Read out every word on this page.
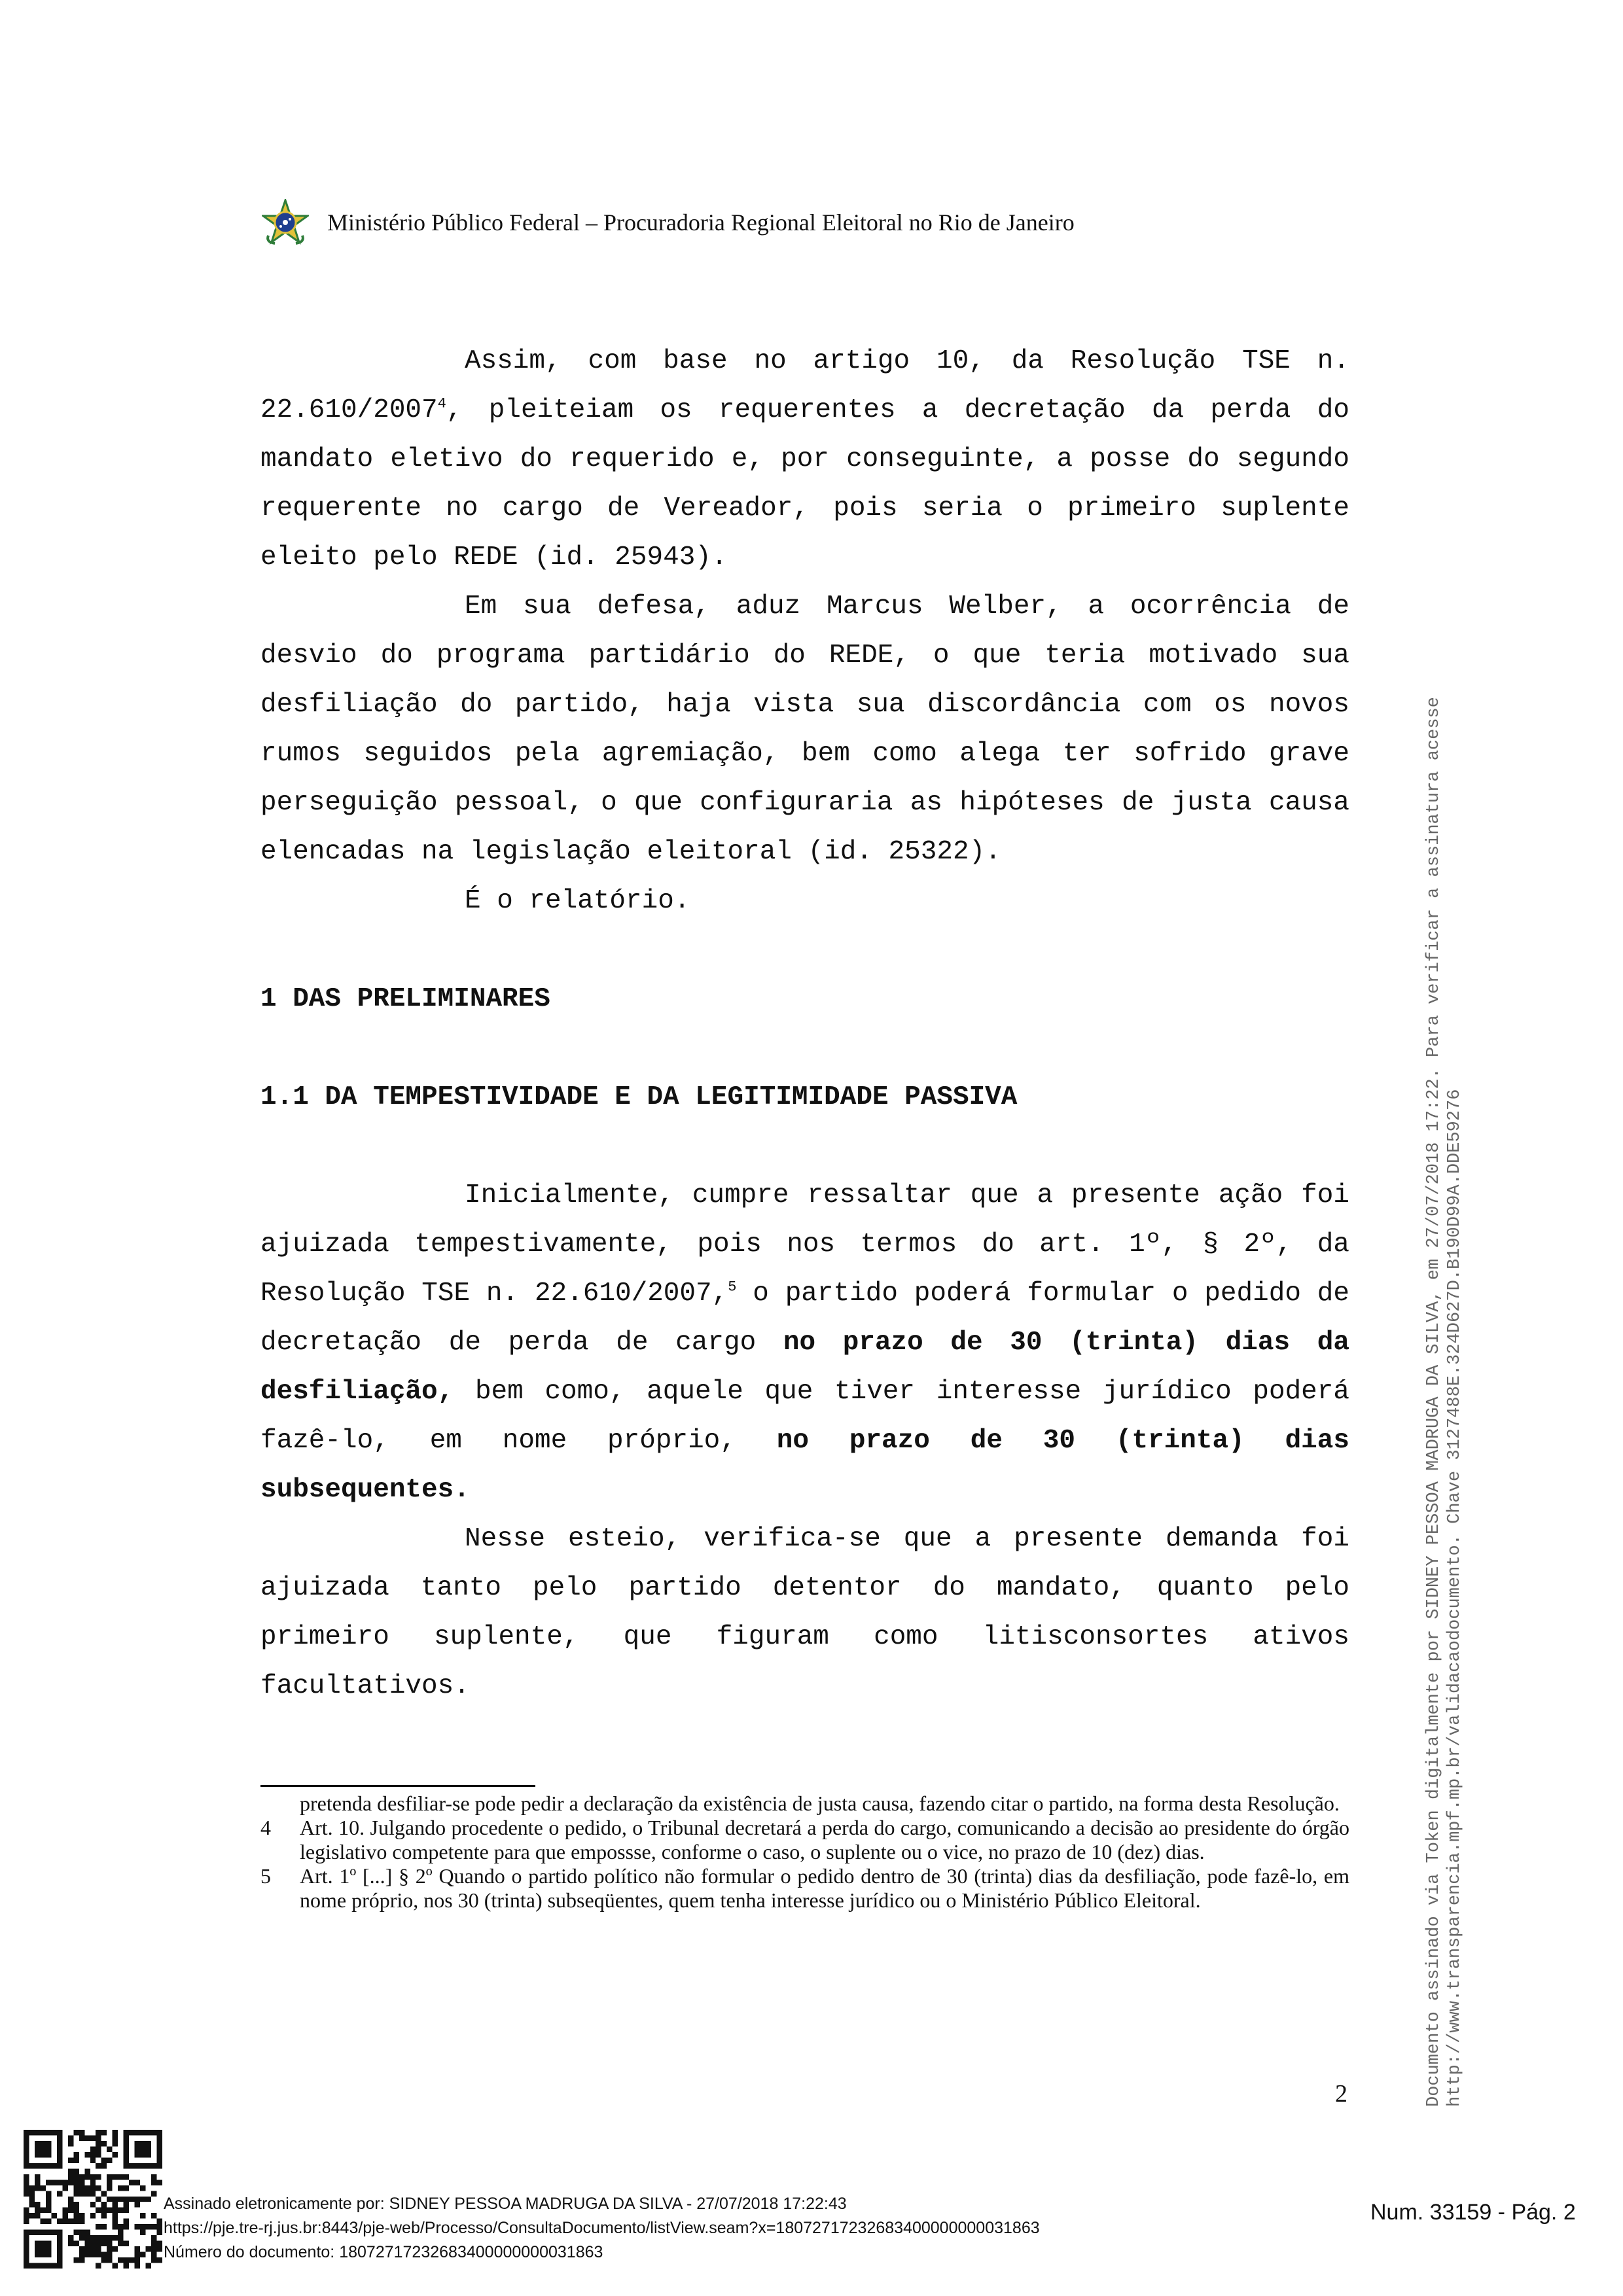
Ministério Público Federal – Procuradoria Regional Eleitoral no Rio de Janeiro

Assim, com base no artigo 10, da Resolução TSE n. 22.610/2007$^4$, pleiteiam os requerentes a decretação da perda do mandato eletivo do requerido e, por conseguinte, a posse do segundo requerente no cargo de Vereador, pois seria o primeiro suplente eleito pelo REDE (id. 25943).

Em sua defesa, aduz Marcus Welber, a ocorrência de desvio do programa partidário do REDE, o que teria motivado sua desfiliação do partido, haja vista sua discordância com os novos rumos seguidos pela agremiação, bem como alega ter sofrido grave perseguição pessoal, o que configuraria as hipóteses de justa causa elencadas na legislação eleitoral (id. 25322).

É o relatório.

1 DAS PRELIMINARES

1.1 DA TEMPESTIVIDADE E DA LEGITIMIDADE PASSIVA

Inicialmente, cumpre ressaltar que a presente ação foi ajuizada tempestivamente, pois nos termos do art. 1º, § 2º, da Resolução TSE n. 22.610/2007,$^5$ o partido poderá formular o pedido de decretação de perda de cargo no prazo de 30 (trinta) dias da desfiliação, bem como, aquele que tiver interesse jurídico poderá fazê-lo, em nome próprio, no prazo de 30 (trinta) dias subsequentes.

Nesse esteio, verifica-se que a presente demanda foi ajuizada tanto pelo partido detentor do mandato, quanto pelo primeiro suplente, que figuram como litisconsortes ativos facultativos.

pretenda desfiliar-se pode pedir a declaração da existência de justa causa, fazendo citar o partido, na forma desta Resolução.

4	Art. 10. Julgando procedente o pedido, o Tribunal decretará a perda do cargo, comunicando a decisão ao presidente do órgão legislativo competente para que empossse, conforme o caso, o suplente ou o vice, no prazo de 10 (dez) dias.

5	Art. 1º [...] § 2º Quando o partido político não formular o pedido dentro de 30 (trinta) dias da desfiliação, pode fazê-lo, em nome próprio, nos 30 (trinta) subseqüentes, quem tenha interesse jurídico ou o Ministério Público Eleitoral.

2	Documento assinado via Token digitalmente por SIDNEY PESSOA MADRUGA DA SILVA, em 27/07/2018 17:22. Para verificar a assinatura acesse http://www.transparencia.mpf.mp.br/validacaodocumento. Chave 3127488E.324D627D.B190D99A.DDE59276
Assinado eletronicamente por: SIDNEY PESSOA MADRUGA DA SILVA - 27/07/2018 17:22:43
https://pje.tre-rj.jus.br:8443/pje-web/Processo/ConsultaDocumento/listView.seam?x=18072717232683400000000031863
Número do documento: 18072717232683400000000031863
Num. 33159 - Pág. 2
